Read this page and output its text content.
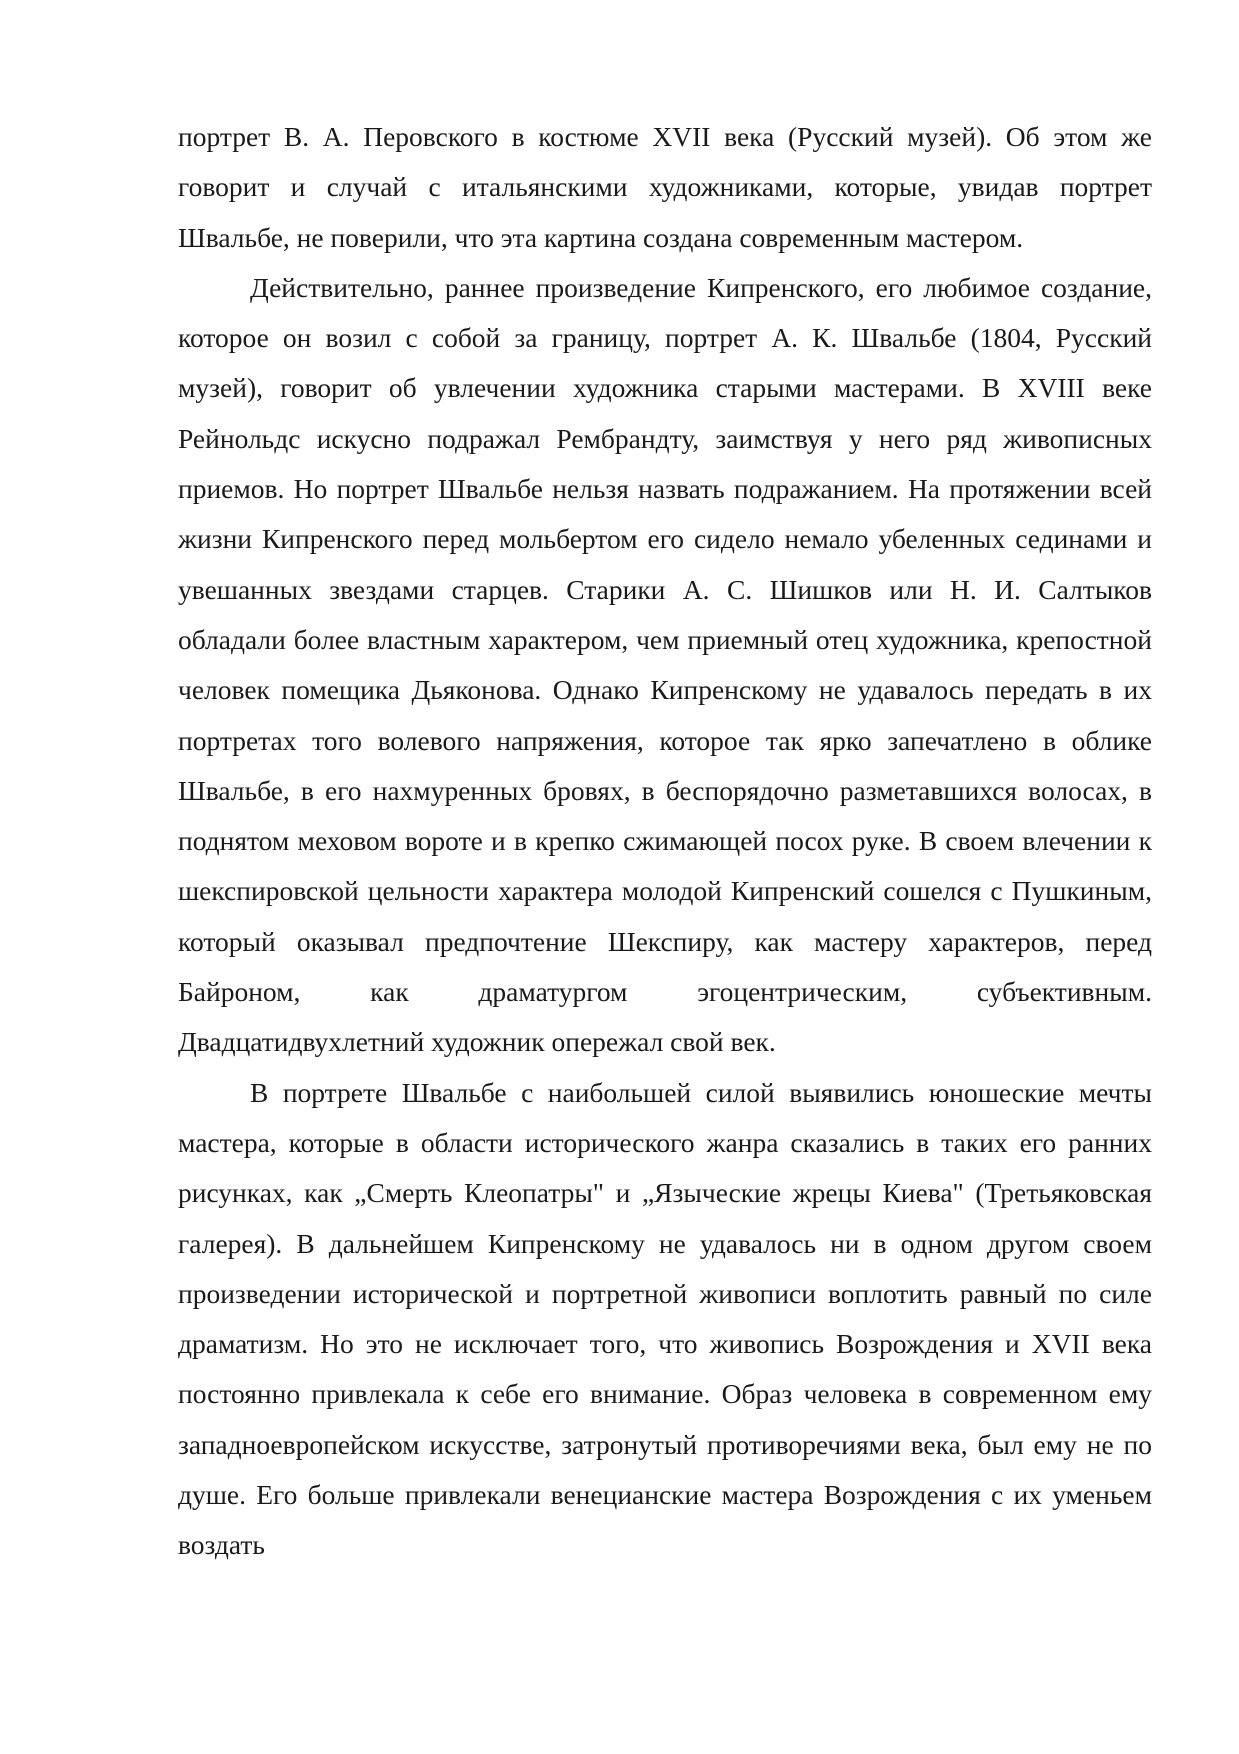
портрет В. А. Перовского в костюме XVII века (Русский музей). Об этом же говорит и случай с итальянскими художниками, которые, увидав портрет Швальбе, не поверили, что эта картина создана современным мастером.

Действительно, раннее произведение Кипренского, его любимое создание, которое он возил с собой за границу, портрет А. К. Швальбе (1804, Русский музей), говорит об увлечении художника старыми мастерами. В XVIII веке Рейнольдс искусно подражал Рембрандту, заимствуя у него ряд живописных приемов. Но портрет Швальбе нельзя назвать подражанием. На протяжении всей жизни Кипренского перед мольбертом его сидело немало убеленных сединами и увешанных звездами старцев. Старики А. С. Шишков или Н. И. Салтыков обладали более властным характером, чем приемный отец художника, крепостной человек помещика Дьяконова. Однако Кипренскому не удавалось передать в их портретах того волевого напряжения, которое так ярко запечатлено в облике Швальбе, в его нахмуренных бровях, в беспорядочно разметавшихся волосах, в поднятом меховом вороте и в крепко сжимающей посох руке. В своем влечении к шекспировской цельности характера молодой Кипренский сошелся с Пушкиным, который оказывал предпочтение Шекспиру, как мастеру характеров, перед Байроном, как драматургом эгоцентрическим, субъективным. Двадцатидвухлетний художник опережал свой век.

В портрете Швальбе с наибольшей силой выявились юношеские мечты мастера, которые в области исторического жанра сказались в таких его ранних рисунках, как „Смерть Клеопатры" и „Языческие жрецы Киева" (Третьяковская галерея). В дальнейшем Кипренскому не удавалось ни в одном другом своем произведении исторической и портретной живописи воплотить равный по силе драматизм. Но это не исключает того, что живопись Возрождения и XVII века постоянно привлекала к себе его внимание. Образ человека в современном ему западноевропейском искусстве, затронутый противоречиями века, был ему не по душе. Его больше привлекали венецианские мастера Возрождения с их уменьем воздать
